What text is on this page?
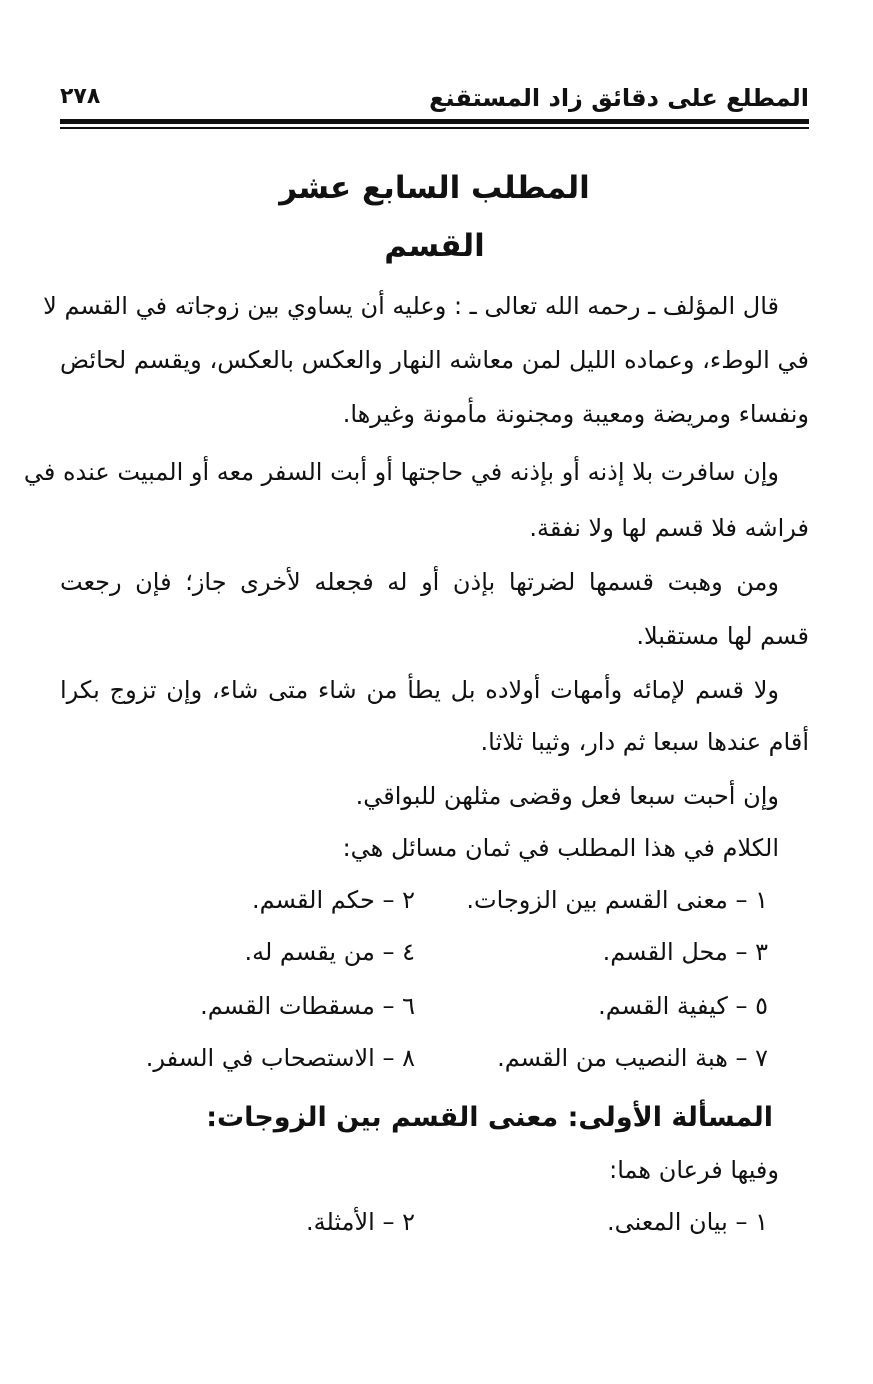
المطلع على دقائق زاد المستقنع
٢٧٨
المطلب السابع عشر
القسم
قال المؤلف ـ رحمه الله تعالى ـ : وعليه أن يساوي بين زوجاته في القسم لا
في الوطء، وعماده الليل لمن معاشه النهار والعكس بالعكس، ويقسم لحائض
ونفساء ومريضة ومعيبة ومجنونة مأمونة وغيرها.
وإن سافرت بلا إذنه أو بإذنه في حاجتها أو أبت السفر معه أو المبيت عنده في
فراشه فلا قسم لها ولا نفقة.
ومن وهبت قسمها لضرتها بإذن أو له فجعله لأخرى جاز؛ فإن رجعت
قسم لها مستقبلا.
ولا قسم لإمائه وأمهات أولاده بل يطأ من شاء متى شاء، وإن تزوج بكرا
أقام عندها سبعا ثم دار، وثيبا ثلاثا.
وإن أحبت سبعا فعل وقضى مثلهن للبواقي.
الكلام في هذا المطلب في ثمان مسائل هي:
١ – معنى القسم بين الزوجات.
٢ – حكم القسم.
٣ – محل القسم.
٤ – من يقسم له.
٥ – كيفية القسم.
٦ – مسقطات القسم.
٧ – هبة النصيب من القسم.
٨ – الاستصحاب في السفر.
المسألة الأولى: معنى القسم بين الزوجات:
وفيها فرعان هما:
١ – بيان المعنى.
٢ – الأمثلة.
